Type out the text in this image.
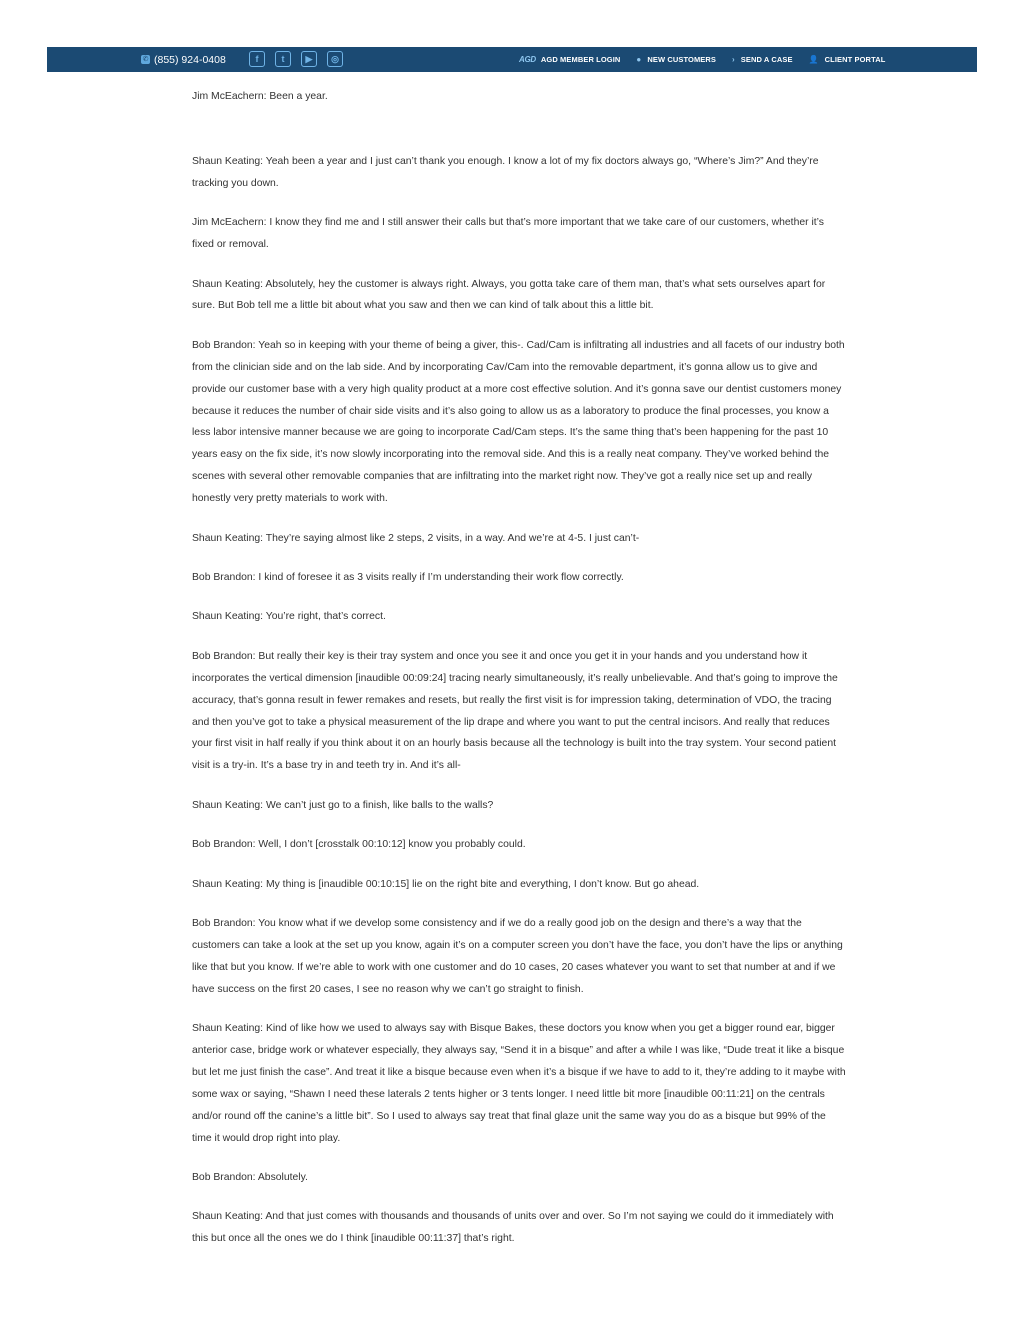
✆ (855) 924-0408	f	t	▶	◎	AGD AGD MEMBER LOGIN ● NEW CUSTOMERS › SEND A CASE 👤 CLIENT PORTAL

Jim McEachern: Been a year.

Shaun Keating: Yeah been a year and I just can’t thank you enough. I know a lot of my fix doctors always go, “Where’s Jim?” And they’re tracking you down.

Jim McEachern: I know they find me and I still answer their calls but that’s more important that we take care of our customers, whether it’s fixed or removal.

Shaun Keating: Absolutely, hey the customer is always right. Always, you gotta take care of them man, that’s what sets ourselves apart for sure. But Bob tell me a little bit about what you saw and then we can kind of talk about this a little bit.

Bob Brandon: Yeah so in keeping with your theme of being a giver, this-. Cad/Cam is infiltrating all industries and all facets of our industry both from the clinician side and on the lab side. And by incorporating Cav/Cam into the removable department, it’s gonna allow us to give and provide our customer base with a very high quality product at a more cost effective solution. And it’s gonna save our dentist customers money because it reduces the number of chair side visits and it’s also going to allow us as a laboratory to produce the final processes, you know a less labor intensive manner because we are going to incorporate Cad/Cam steps. It’s the same thing that’s been happening for the past 10 years easy on the fix side, it’s now slowly incorporating into the removal side. And this is a really neat company. They’ve worked behind the scenes with several other removable companies that are infiltrating into the market right now. They’ve got a really nice set up and really honestly very pretty materials to work with.

Shaun Keating: They’re saying almost like 2 steps, 2 visits, in a way. And we’re at 4-5. I just can’t-

Bob Brandon: I kind of foresee it as 3 visits really if I’m understanding their work flow correctly.

Shaun Keating: You’re right, that’s correct.

Bob Brandon: But really their key is their tray system and once you see it and once you get it in your hands and you understand how it incorporates the vertical dimension [inaudible 00:09:24] tracing nearly simultaneously, it’s really unbelievable. And that’s going to improve the accuracy, that’s gonna result in fewer remakes and resets, but really the first visit is for impression taking, determination of VDO, the tracing and then you’ve got to take a physical measurement of the lip drape and where you want to put the central incisors. And really that reduces your first visit in half really if you think about it on an hourly basis because all the technology is built into the tray system. Your second patient visit is a try-in. It’s a base try in and teeth try in. And it’s all-

Shaun Keating: We can’t just go to a finish, like balls to the walls?

Bob Brandon: Well, I don’t [crosstalk 00:10:12] know you probably could.

Shaun Keating: My thing is [inaudible 00:10:15] lie on the right bite and everything, I don’t know. But go ahead.

Bob Brandon: You know what if we develop some consistency and if we do a really good job on the design and there’s a way that the customers can take a look at the set up you know, again it’s on a computer screen you don’t have the face, you don’t have the lips or anything like that but you know. If we’re able to work with one customer and do 10 cases, 20 cases whatever you want to set that number at and if we have success on the first 20 cases, I see no reason why we can’t go straight to finish.

Shaun Keating: Kind of like how we used to always say with Bisque Bakes, these doctors you know when you get a bigger round ear, bigger anterior case, bridge work or whatever especially, they always say, “Send it in a bisque” and after a while I was like, “Dude treat it like a bisque but let me just finish the case”. And treat it like a bisque because even when it’s a bisque if we have to add to it, they’re adding to it maybe with some wax or saying, “Shawn I need these laterals 2 tents higher or 3 tents longer. I need little bit more [inaudible 00:11:21] on the centrals and/or round off the canine’s a little bit”. So I used to always say treat that final glaze unit the same way you do as a bisque but 99% of the time it would drop right into play.

Bob Brandon: Absolutely.

Shaun Keating: And that just comes with thousands and thousands of units over and over. So I’m not saying we could do it immediately with this but once all the ones we do I think [inaudible 00:11:37] that’s right.
